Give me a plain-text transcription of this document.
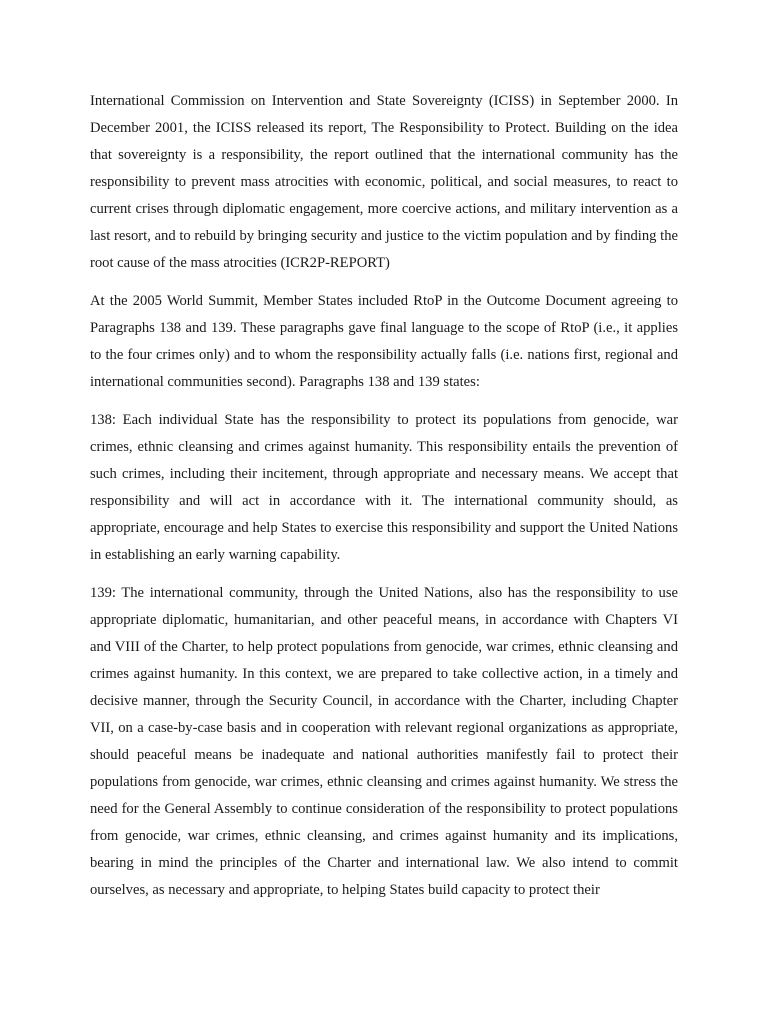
International Commission on Intervention and State Sovereignty (ICISS) in September 2000. In December 2001, the ICISS released its report, The Responsibility to Protect. Building on the idea that sovereignty is a responsibility, the report outlined that the international community has the responsibility to prevent mass atrocities with economic, political, and social measures, to react to current crises through diplomatic engagement, more coercive actions, and military intervention as a last resort, and to rebuild by bringing security and justice to the victim population and by finding the root cause of the mass atrocities (ICR2P-REPORT)

At the 2005 World Summit, Member States included RtoP in the Outcome Document agreeing to Paragraphs 138 and 139. These paragraphs gave final language to the scope of RtoP (i.e., it applies to the four crimes only) and to whom the responsibility actually falls (i.e. nations first, regional and international communities second). Paragraphs 138 and 139 states:

138: Each individual State has the responsibility to protect its populations from genocide, war crimes, ethnic cleansing and crimes against humanity. This responsibility entails the prevention of such crimes, including their incitement, through appropriate and necessary means. We accept that responsibility and will act in accordance with it. The international community should, as appropriate, encourage and help States to exercise this responsibility and support the United Nations in establishing an early warning capability.

139: The international community, through the United Nations, also has the responsibility to use appropriate diplomatic, humanitarian, and other peaceful means, in accordance with Chapters VI and VIII of the Charter, to help protect populations from genocide, war crimes, ethnic cleansing and crimes against humanity. In this context, we are prepared to take collective action, in a timely and decisive manner, through the Security Council, in accordance with the Charter, including Chapter VII, on a case-by-case basis and in cooperation with relevant regional organizations as appropriate, should peaceful means be inadequate and national authorities manifestly fail to protect their populations from genocide, war crimes, ethnic cleansing and crimes against humanity. We stress the need for the General Assembly to continue consideration of the responsibility to protect populations from genocide, war crimes, ethnic cleansing, and crimes against humanity and its implications, bearing in mind the principles of the Charter and international law. We also intend to commit ourselves, as necessary and appropriate, to helping States build capacity to protect their
